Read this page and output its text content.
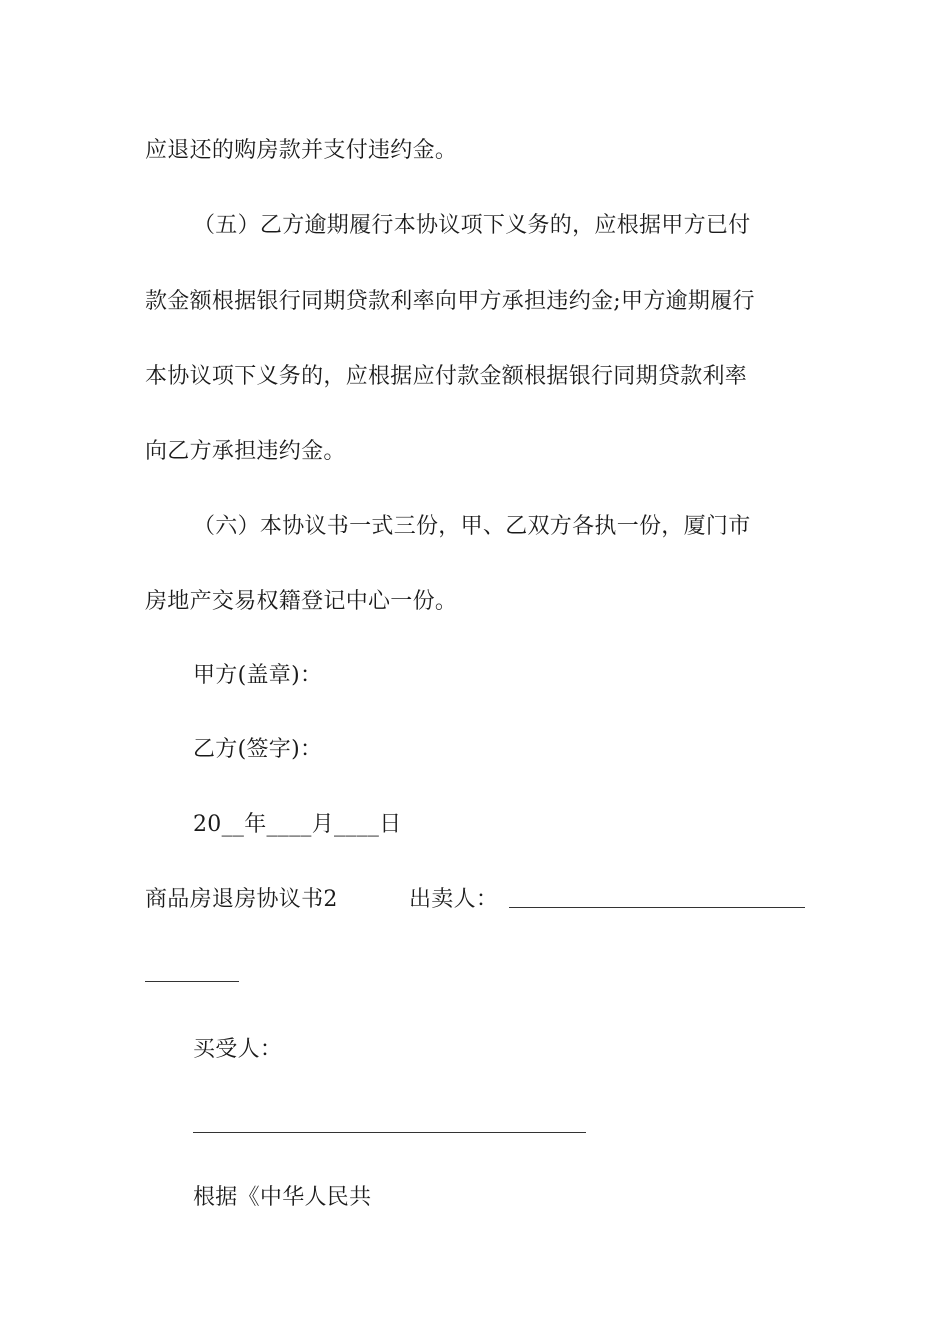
应退还的购房款并支付违约金。
（五）乙方逾期履行本协议项下义务的，应根据甲方已付
款金额根据银行同期贷款利率向甲方承担违约金;甲方逾期履行
本协议项下义务的，应根据应付款金额根据银行同期贷款利率
向乙方承担违约金。
（六）本协议书一式三份，甲、乙双方各执一份，厦门市
房地产交易权籍登记中心一份。
甲方(盖章)：
乙方(签字)：
20__年____月____日
商品房退房协议书2	出卖人：
买受人：
根据《中华人民共
